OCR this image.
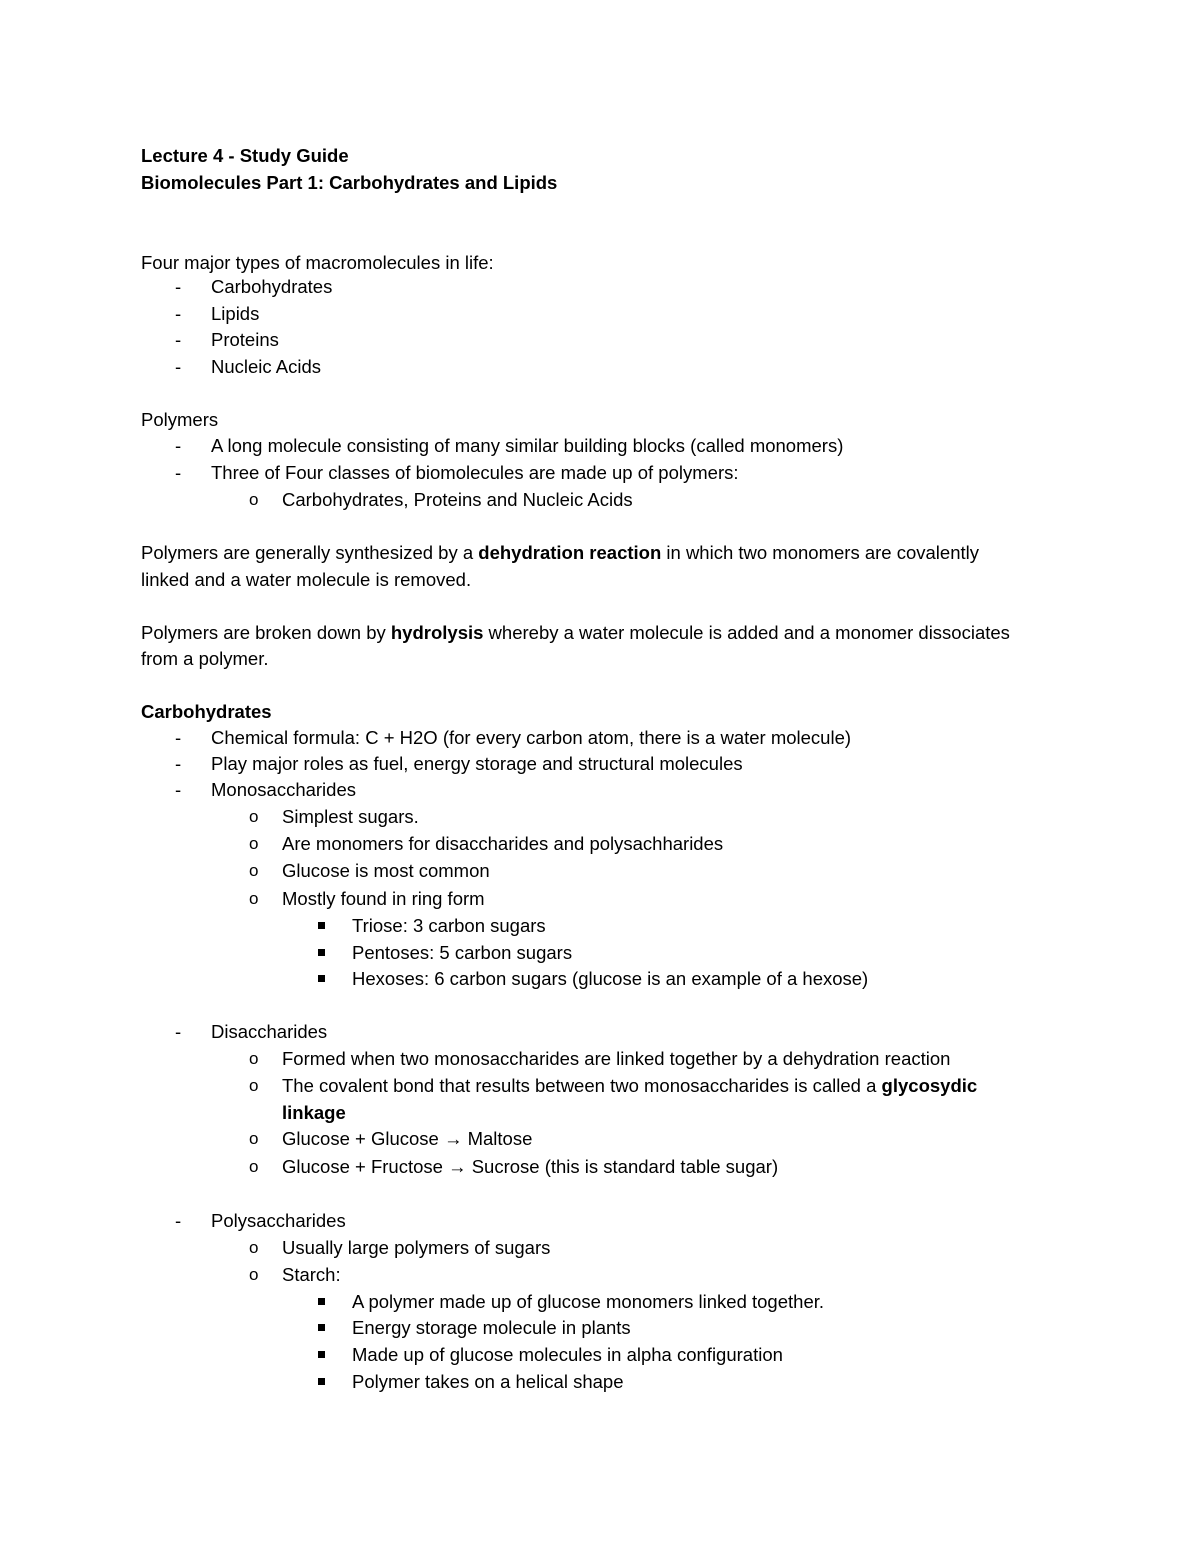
Lecture 4 - Study Guide
Biomolecules Part 1: Carbohydrates and Lipids
Four major types of macromolecules in life:
- Carbohydrates
- Lipids
- Proteins
- Nucleic Acids
Polymers
- A long molecule consisting of many similar building blocks (called monomers)
- Three of Four classes of biomolecules are made up of polymers:
o Carbohydrates, Proteins and Nucleic Acids
Polymers are generally synthesized by a dehydration reaction in which two monomers are covalently
linked and a water molecule is removed.
Polymers are broken down by hydrolysis whereby a water molecule is added and a monomer dissociates
from a polymer.
Carbohydrates
- Chemical formula: C + H2O (for every carbon atom, there is a water molecule)
- Play major roles as fuel, energy storage and structural molecules
- Monosaccharides
o Simplest sugars.
o Are monomers for disaccharides and polysachharides
o Glucose is most common
o Mostly found in ring form
Triose: 3 carbon sugars
Pentoses: 5 carbon sugars
Hexoses: 6 carbon sugars (glucose is an example of a hexose)
- Disaccharides
o Formed when two monosaccharides are linked together by a dehydration reaction
o The covalent bond that results between two monosaccharides is called a glycosydic
linkage
o Glucose + Glucose → Maltose
o Glucose + Fructose → Sucrose (this is standard table sugar)
- Polysaccharides
o Usually large polymers of sugars
o Starch:
A polymer made up of glucose monomers linked together.
Energy storage molecule in plants
Made up of glucose molecules in alpha configuration
Polymer takes on a helical shape
